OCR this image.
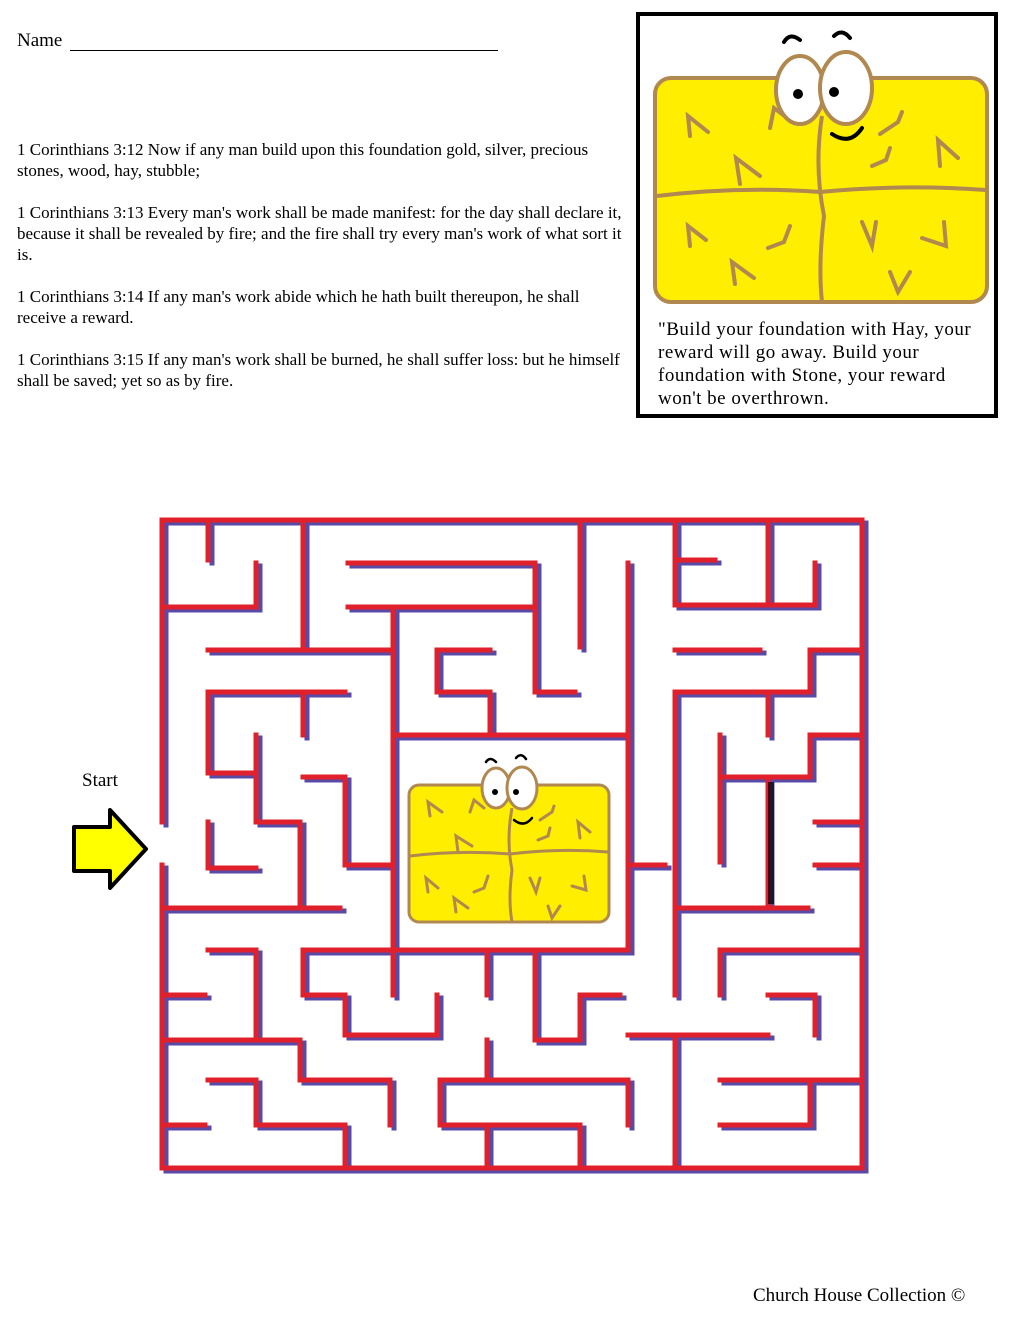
Name

1 Corinthians 3:12 Now if any man build upon this foundation gold, silver, precious stones, wood, hay, stubble;

1 Corinthians 3:13 Every man's work shall be made manifest: for the day shall declare it, because it shall be revealed by fire; and the fire shall try every man's work of what sort it is.

1 Corinthians 3:14 If any man's work abide which he hath built thereupon, he shall receive a reward.

1 Corinthians 3:15 If any man's work shall be burned, he shall suffer loss: but he himself shall be saved; yet so as by fire.

"Build your foundation with Hay, your reward will go away. Build your foundation with Stone, your reward won't be overthrown.

Start
Church House Collection ©
